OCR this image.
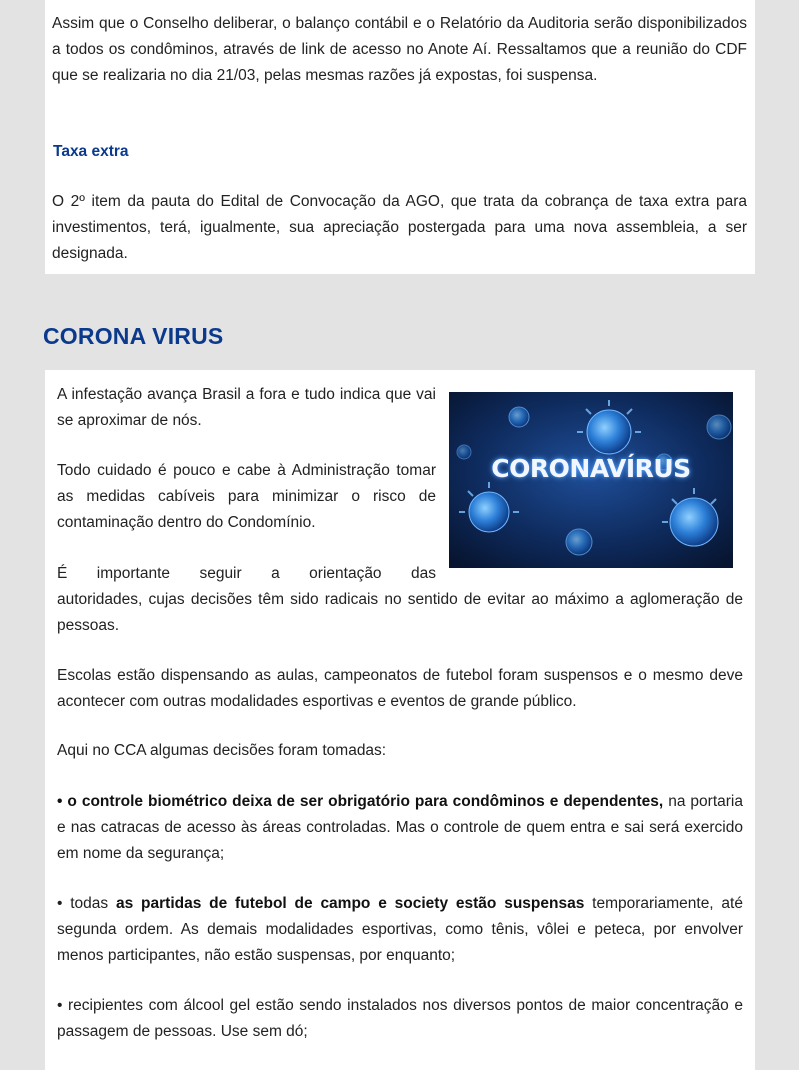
Assim que o Conselho deliberar, o balanço contábil e o Relatório da Auditoria serão disponibilizados a todos os condôminos, através de link de acesso no Anote Aí. Ressaltamos que a reunião do CDF que se realizaria no dia 21/03, pelas mesmas razões já expostas, foi suspensa.

Taxa extra

O 2º item da pauta do Edital de Convocação da AGO, que trata da cobrança de taxa extra para investimentos, terá, igualmente, sua apreciação postergada para uma nova assembleia, a ser designada.

CORONA VIRUS
CORONAVÍRUS

A infestação avança Brasil a fora e tudo indica que vai se aproximar de nós.

Todo cuidado é pouco e cabe à Administração tomar as medidas cabíveis para minimizar o risco de contaminação dentro do Condomínio.

É importante seguir a orientação das

autoridades, cujas decisões têm sido radicais no sentido de evitar ao máximo a aglomeração de pessoas.

Escolas estão dispensando as aulas, campeonatos de futebol foram suspensos e o mesmo deve acontecer com outras modalidades esportivas e eventos de grande público.

Aqui no CCA algumas decisões foram tomadas:

• o controle biométrico deixa de ser obrigatório para condôminos e dependentes, na portaria e nas catracas de acesso às áreas controladas. Mas o controle de quem entra e sai será exercido em nome da segurança;

• todas as partidas de futebol de campo e society estão suspensas temporariamente, até segunda ordem. As demais modalidades esportivas, como tênis, vôlei e peteca, por envolver menos participantes, não estão suspensas, por enquanto;

• recipientes com álcool gel estão sendo instalados nos diversos pontos de maior concentração e passagem de pessoas. Use sem dó;
